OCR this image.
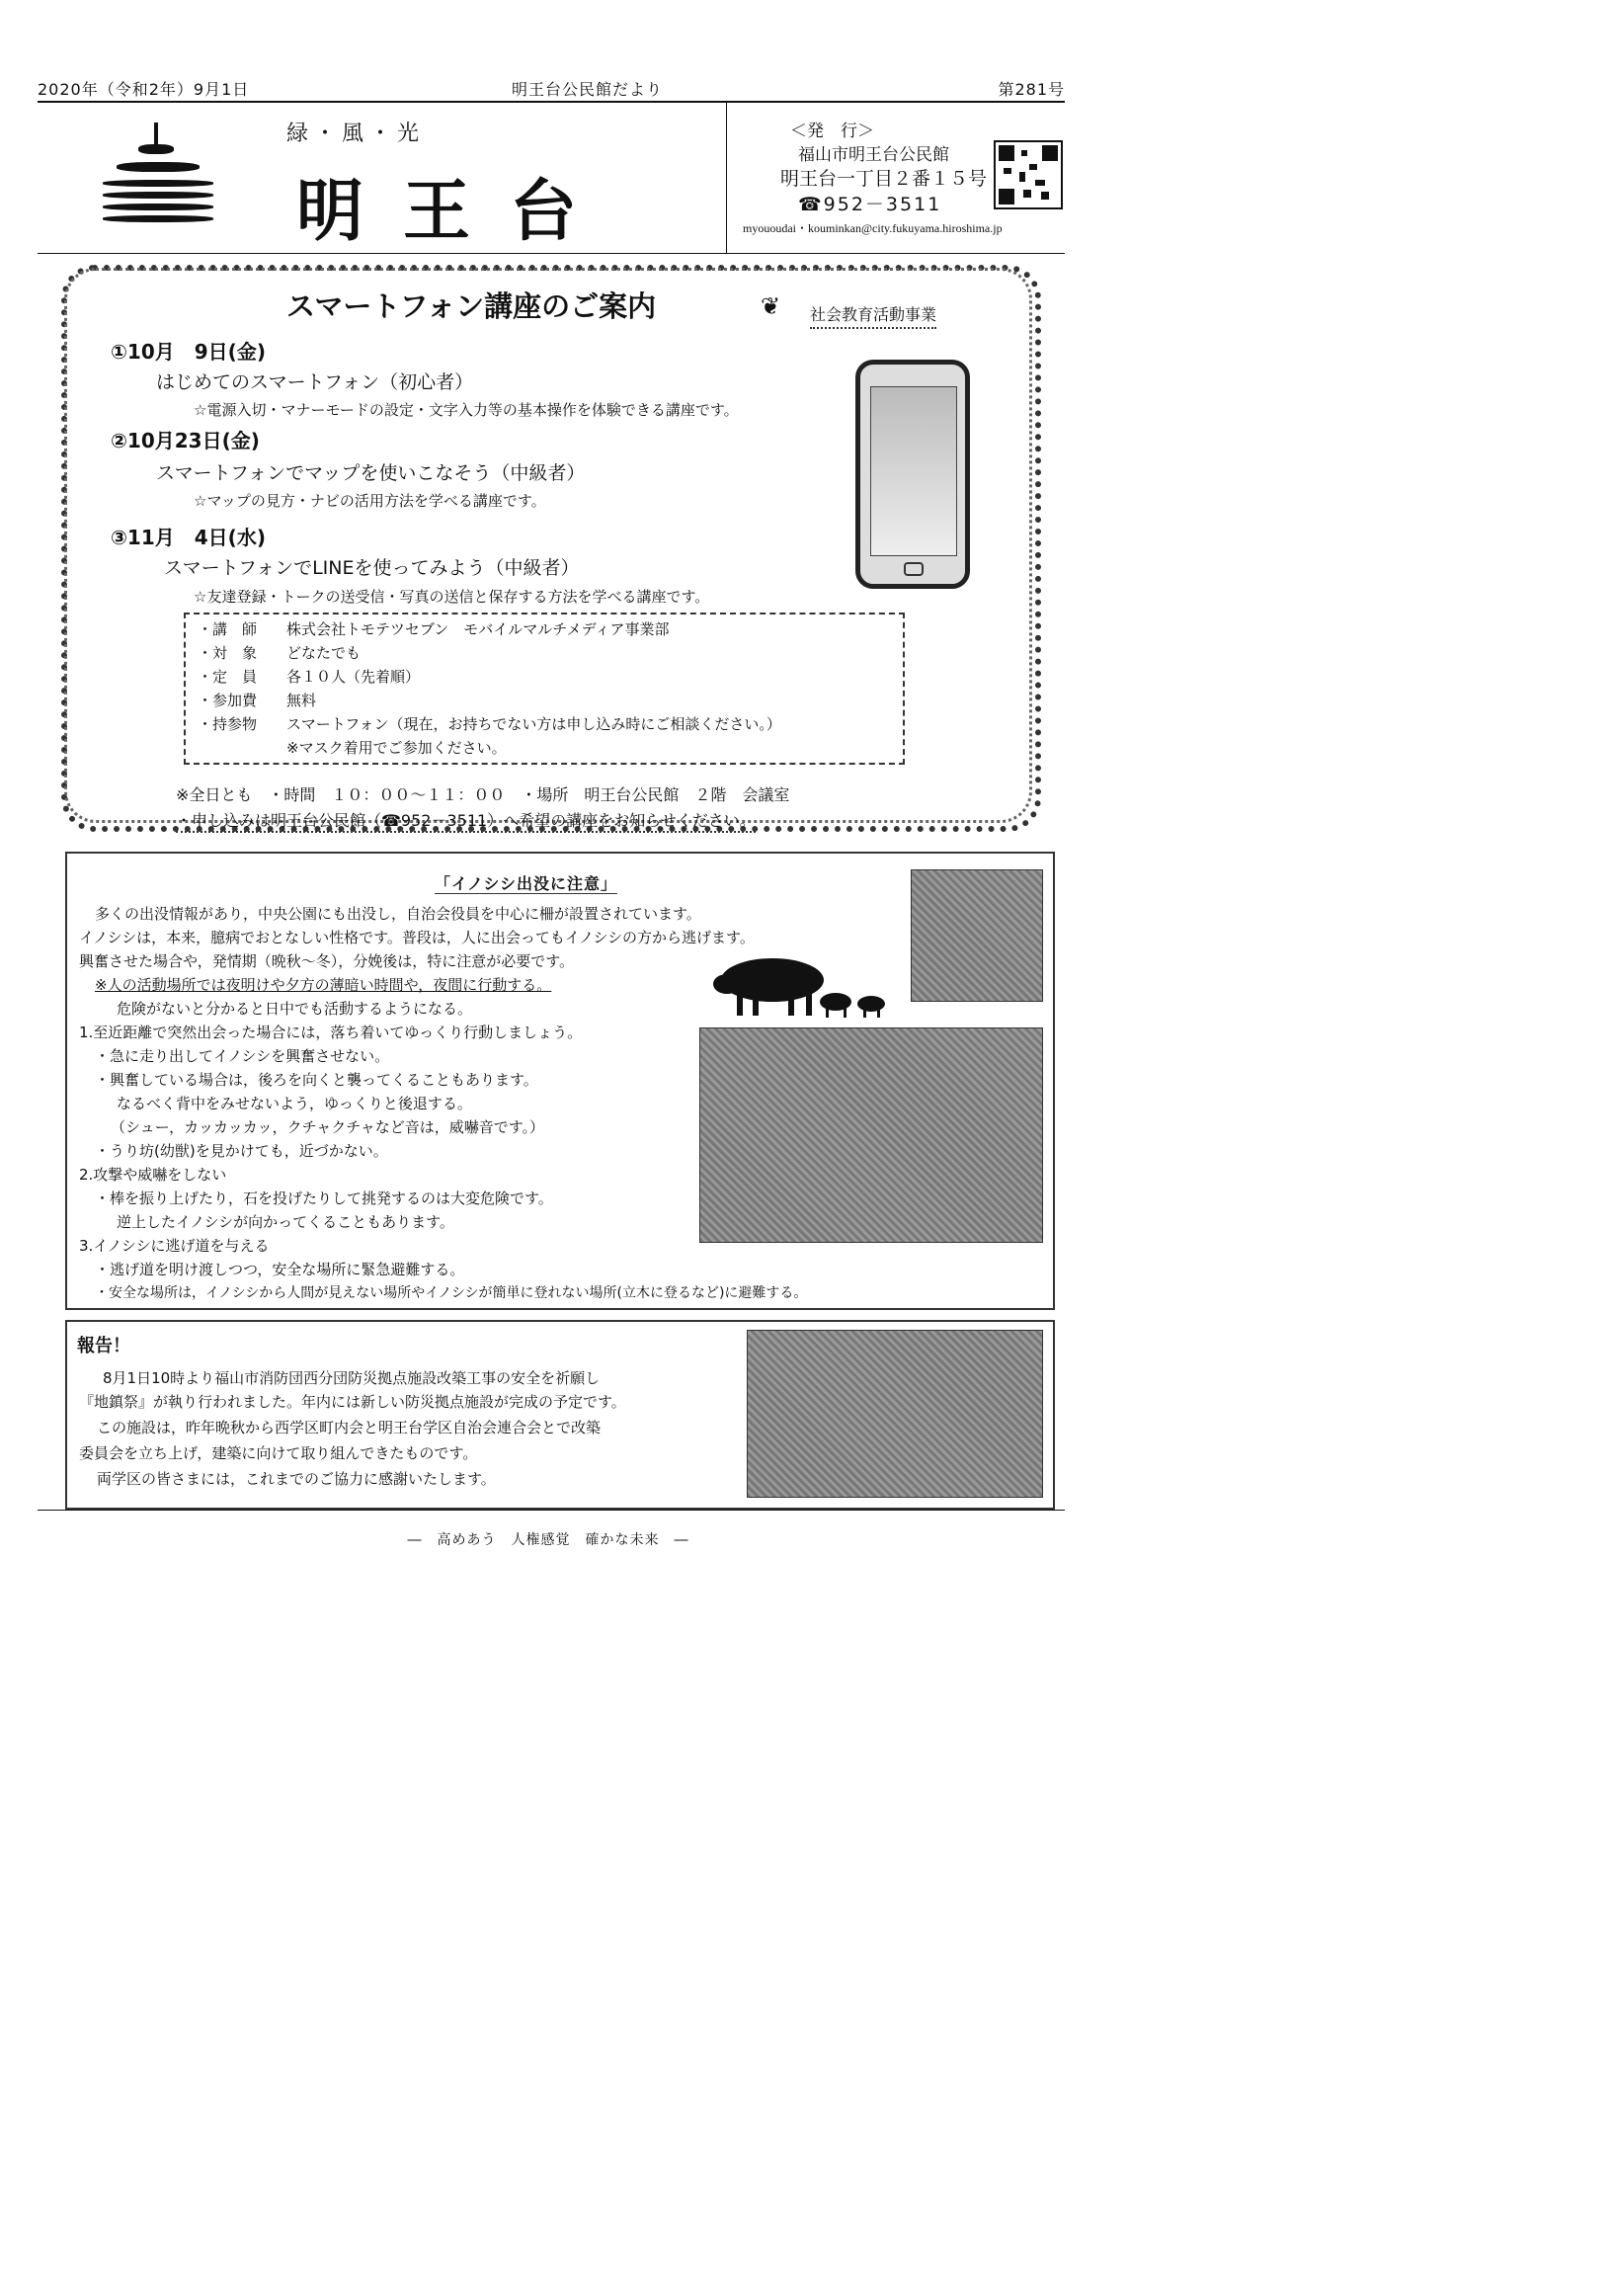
2020年（令和2年）9月1日	明王台公民館だより	第281号
緑・風・光
明王台
＜発　行＞
福山市明王台公民館
明王台一丁目２番１５号
☎952－3511
myououdai・kouminkan@city.fukuyama.hiroshima.jp
スマートフォン講座のご案内	❦ 社会教育活動事業
①10月　9日(金)
はじめてのスマートフォン（初心者）
☆電源入切・マナーモードの設定・文字入力等の基本操作を体験できる講座です。
②10月23日(金)
スマートフォンでマップを使いこなそう（中級者）
☆マップの見方・ナビの活用方法を学べる講座です。
③11月　4日(水)
スマートフォンでLINEを使ってみよう（中級者）
☆友達登録・トークの送受信・写真の送信と保存する方法を学べる講座です。
・講　師 株式会社トモテツセブン　モバイルマルチメディア事業部
・対　象 どなたでも
・定　員 各１０人（先着順）
・参加費 無料
・持参物 スマートフォン（現在，お持ちでない方は申し込み時にご相談ください。）
※マスク着用でご参加ください。
※全日とも　・時間　１０：００～１１：００　・場所　明王台公民館　２階　会議室
・申し込みは明王台公民館（☎952－3511）へ希望の講座をお知らせください。
「イノシシ出没に注意」
多くの出没情報があり，中央公園にも出没し，自治会役員を中心に柵が設置されています。
イノシシは，本来，臆病でおとなしい性格です。普段は，人に出会ってもイノシシの方から逃げます。
興奮させた場合や，発情期（晩秋～冬），分娩後は，特に注意が必要です。
※人の活動場所では夜明けや夕方の薄暗い時間や，夜間に行動する。
危険がないと分かると日中でも活動するようになる。
1.至近距離で突然出会った場合には，落ち着いてゆっくり行動しましょう。
・急に走り出してイノシシを興奮させない。
・興奮している場合は，後ろを向くと襲ってくることもあります。
なるべく背中をみせないよう，ゆっくりと後退する。
（シュー，カッカッカッ，クチャクチャなど音は，威嚇音です。）
・うり坊(幼獣)を見かけても，近づかない。
2.攻撃や威嚇をしない
・棒を振り上げたり，石を投げたりして挑発するのは大変危険です。
逆上したイノシシが向かってくることもあります。
3.イノシシに逃げ道を与える
・逃げ道を明け渡しつつ，安全な場所に緊急避難する。
・安全な場所は，イノシシから人間が見えない場所やイノシシが簡単に登れない場所(立木に登るなど)に避難する。
報告！
8月1日10時より福山市消防団西分団防災拠点施設改築工事の安全を祈願し
『地鎮祭』が執り行われました。年内には新しい防災拠点施設が完成の予定です。
この施設は，昨年晩秋から西学区町内会と明王台学区自治会連合会とで改築
委員会を立ち上げ，建築に向けて取り組んできたものです。
両学区の皆さまには，これまでのご協力に感謝いたします。
―　高めあう　人権感覚　確かな未来　―
